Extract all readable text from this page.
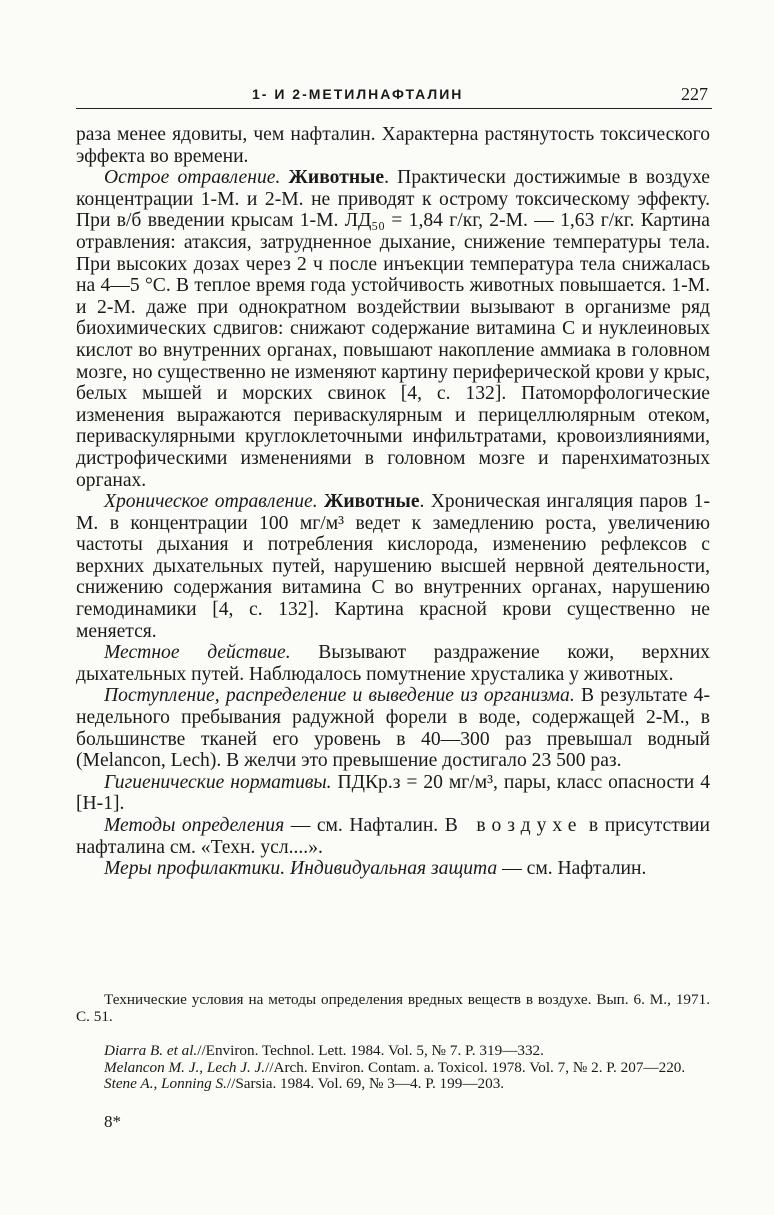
1- И 2-МЕТИЛНАФТАЛИН	227

раза менее ядовиты, чем нафталин. Характерна растянутость токсического эффекта во времени.

Острое отравление. Животные. Практически достижимые в воздухе концентрации 1-М. и 2-М. не приводят к острому токсическому эффекту. При в/б введении крысам 1-М. ЛД₅₀ = 1,84 г/кг, 2-М. — 1,63 г/кг. Картина отравления: атаксия, затрудненное дыхание, снижение температуры тела. При высоких дозах через 2 ч после инъекции температура тела снижалась на 4—5 °С. В теплое время года устойчивость животных повышается. 1-М. и 2-М. даже при однократном воздействии вызывают в организме ряд биохимических сдвигов: снижают содержание витамина С и нуклеиновых кислот во внутренних органах, повышают накопление аммиака в головном мозге, но существенно не изменяют картину периферической крови у крыс, белых мышей и морских свинок [4, с. 132]. Патоморфологические изменения выражаются периваскулярным и перицеллюлярным отеком, периваскулярными круглоклеточными инфильтратами, кровоизлияниями, дистрофическими изменениями в головном мозге и паренхиматозных органах.

Хроническое отравление. Животные. Хроническая ингаляция паров 1-М. в концентрации 100 мг/м³ ведет к замедлению роста, увеличению частоты дыхания и потребления кислорода, изменению рефлексов с верхних дыхательных путей, нарушению высшей нервной деятельности, снижению содержания витамина С во внутренних органах, нарушению гемодинамики [4, с. 132]. Картина красной крови существенно не меняется.

Местное действие. Вызывают раздражение кожи, верхних дыхательных путей. Наблюдалось помутнение хрусталика у животных.

Поступление, распределение и выведение из организма. В результате 4-недельного пребывания радужной форели в воде, содержащей 2-М., в большинстве тканей его уровень в 40—300 раз превышал водный (Melancon, Lech). В желчи это превышение достигало 23 500 раз.

Гигиенические нормативы. ПДКр.з = 20 мг/м³, пары, класс опасности 4 [Н-1].

Методы определения — см. Нафталин. В воздухе в присутствии нафталина см. «Техн. усл....».

Меры профилактики. Индивидуальная защита — см. Нафталин.

Технические условия на методы определения вредных веществ в воздухе. Вып. 6. М., 1971. С. 51.

Diarra B. et al.//Environ. Technol. Lett. 1984. Vol. 5, № 7. P. 319—332.

Melancon M. J., Lech J. J.//Arch. Environ. Contam. a. Toxicol. 1978. Vol. 7, № 2. P. 207—220.

Stene A., Lonning S.//Sarsia. 1984. Vol. 69, № 3—4. P. 199—203.

8*
